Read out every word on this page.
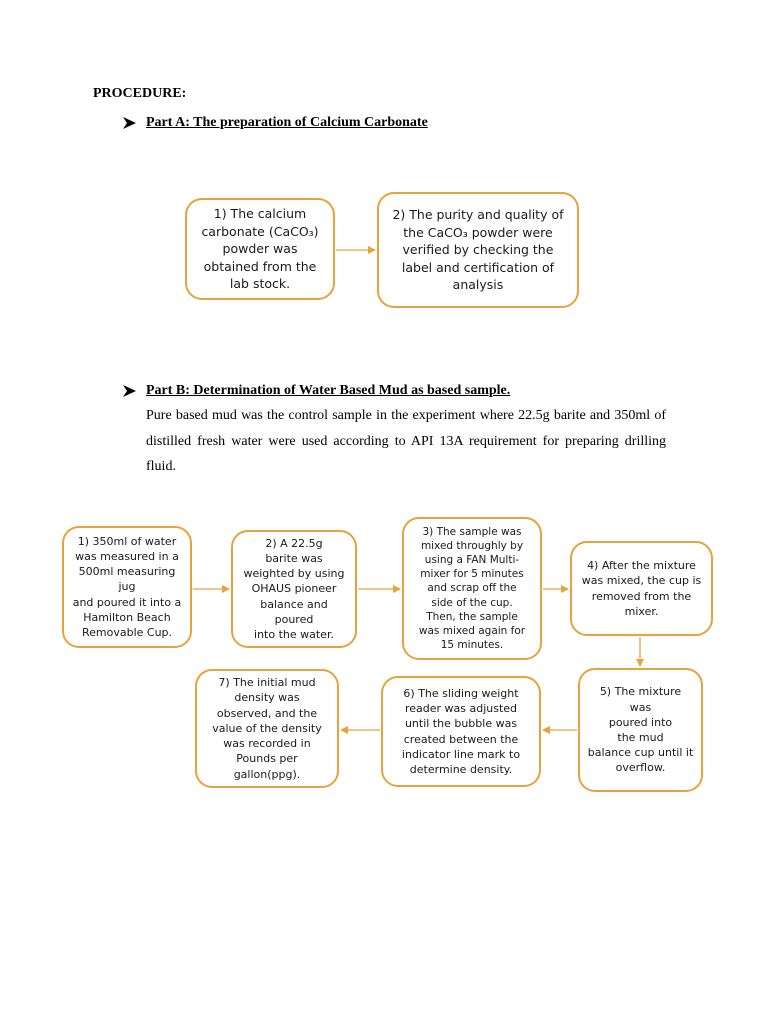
PROCEDURE:
Part A: The preparation of Calcium Carbonate
1) The calcium
carbonate (CaCO₃)
powder was
obtained from the
lab stock.
2) The purity and quality of
the CaCO₃ powder were
verified by checking the
label and certification of
analysis
Part B: Determination of Water Based Mud as based sample.
Pure based mud was the control sample in the experiment where 22.5g barite and 350ml of distilled fresh water were used according to API 13A requirement for preparing drilling fluid.
1) 350ml of water
was measured in a
500ml measuring
jug
and poured it into a
Hamilton Beach
Removable Cup.
2) A 22.5g
barite was
weighted by using
OHAUS pioneer
balance and
poured
into the water.
3) The sample was
mixed throughly by
using a FAN Multi-
mixer for 5 minutes
and scrap off the
side of the cup.
Then, the sample
was mixed again for
15 minutes.
4) After the mixture
was mixed, the cup is
removed from the
mixer.
5) The mixture
was
poured into
the mud
balance cup until it
overflow.
6) The sliding weight
reader was adjusted
until the bubble was
created between the
indicator line mark to
determine density.
7) The initial mud
density was
observed, and the
value of the density
was recorded in
Pounds per
gallon(ppg).
